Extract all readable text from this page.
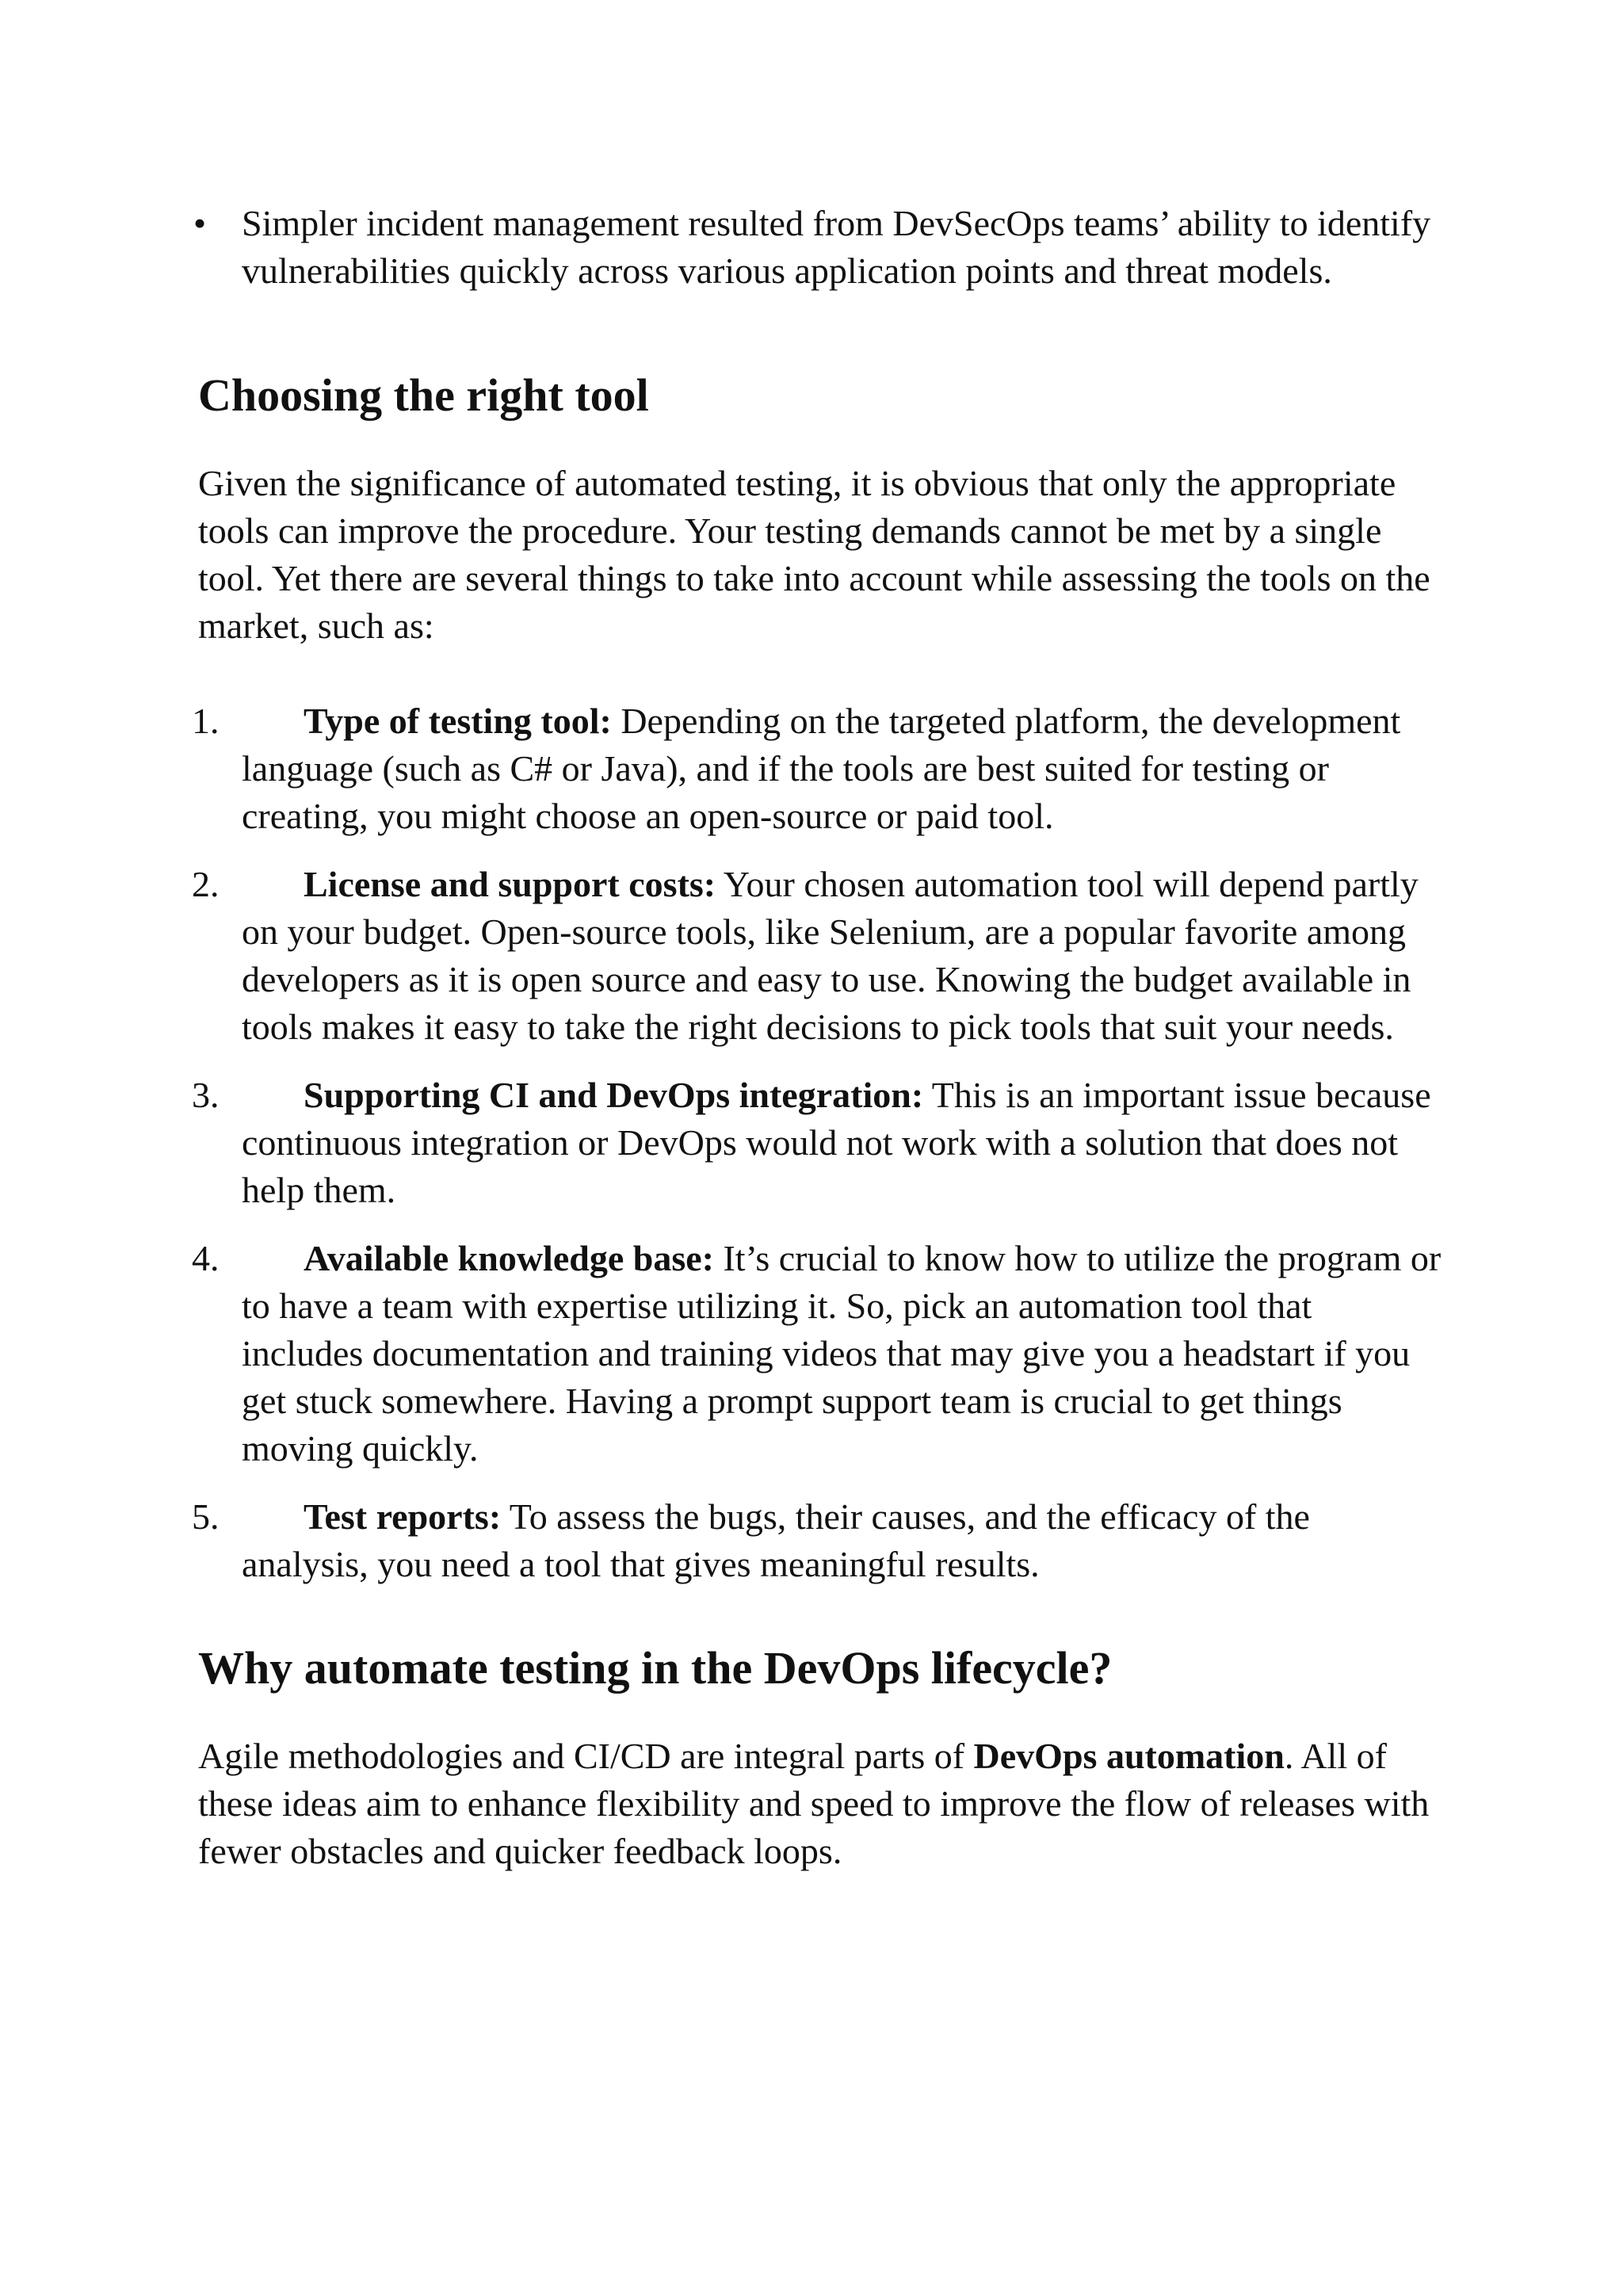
• Simpler incident management resulted from DevSecOps teams’ ability to identify vulnerabilities quickly across various application points and threat models.
Choosing the right tool

Given the significance of automated testing, it is obvious that only the appropriate tools can improve the procedure. Your testing demands cannot be met by a single tool. Yet there are several things to take into account while assessing the tools on the market, such as:

1.	Type of testing tool: Depending on the targeted platform, the development language (such as C# or Java), and if the tools are best suited for testing or creating, you might choose an open-source or paid tool.
2.	License and support costs: Your chosen automation tool will depend partly on your budget. Open-source tools, like Selenium, are a popular favorite among developers as it is open source and easy to use. Knowing the budget available in tools makes it easy to take the right decisions to pick tools that suit your needs.
3.	Supporting CI and DevOps integration: This is an important issue because continuous integration or DevOps would not work with a solution that does not help them.
4.	Available knowledge base: It’s crucial to know how to utilize the program or to have a team with expertise utilizing it. So, pick an automation tool that includes documentation and training videos that may give you a headstart if you get stuck somewhere. Having a prompt support team is crucial to get things moving quickly.
5.	Test reports: To assess the bugs, their causes, and the efficacy of the analysis, you need a tool that gives meaningful results.
Why automate testing in the DevOps lifecycle?

Agile methodologies and CI/CD are integral parts of DevOps automation. All of these ideas aim to enhance flexibility and speed to improve the flow of releases with fewer obstacles and quicker feedback loops.
